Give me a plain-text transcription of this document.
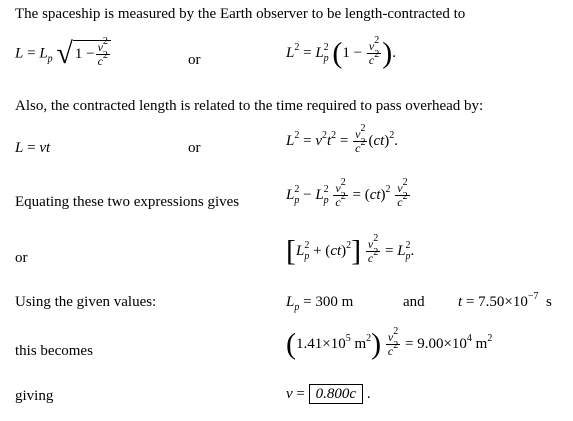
The spaceship is measured by the Earth observer to be length-contracted to
$L = L_p$ √ $1 - \frac{v^2}{c^2}$	or	$L^2 = L^2_p$ ($1 - \frac{v^2}{c^2}$ ).
Also, the contracted length is related to the time required to pass overhead by:
L = vt	or	$L^2 = v^2t^2 = \frac{v^2}{c^2} (ct)^2$.
Equating these two expressions gives	$L^2_p - L^2_p \frac{v^2}{c^2} = (ct)^2 \frac{v^2}{c^2}$
or	$[L^2_p + (ct)^2] \frac{v^2}{c^2} = L^2_p$.
Using the given values:	$L_p = 300$ m	and $t = 7.50\times 10^{-7}$ s
this becomes	($1.41\times 10^5$ $m^2) \frac{v^2}{c^2} = 9.00\times 10^4$ $m^2$
giving	v = 0.800c .
